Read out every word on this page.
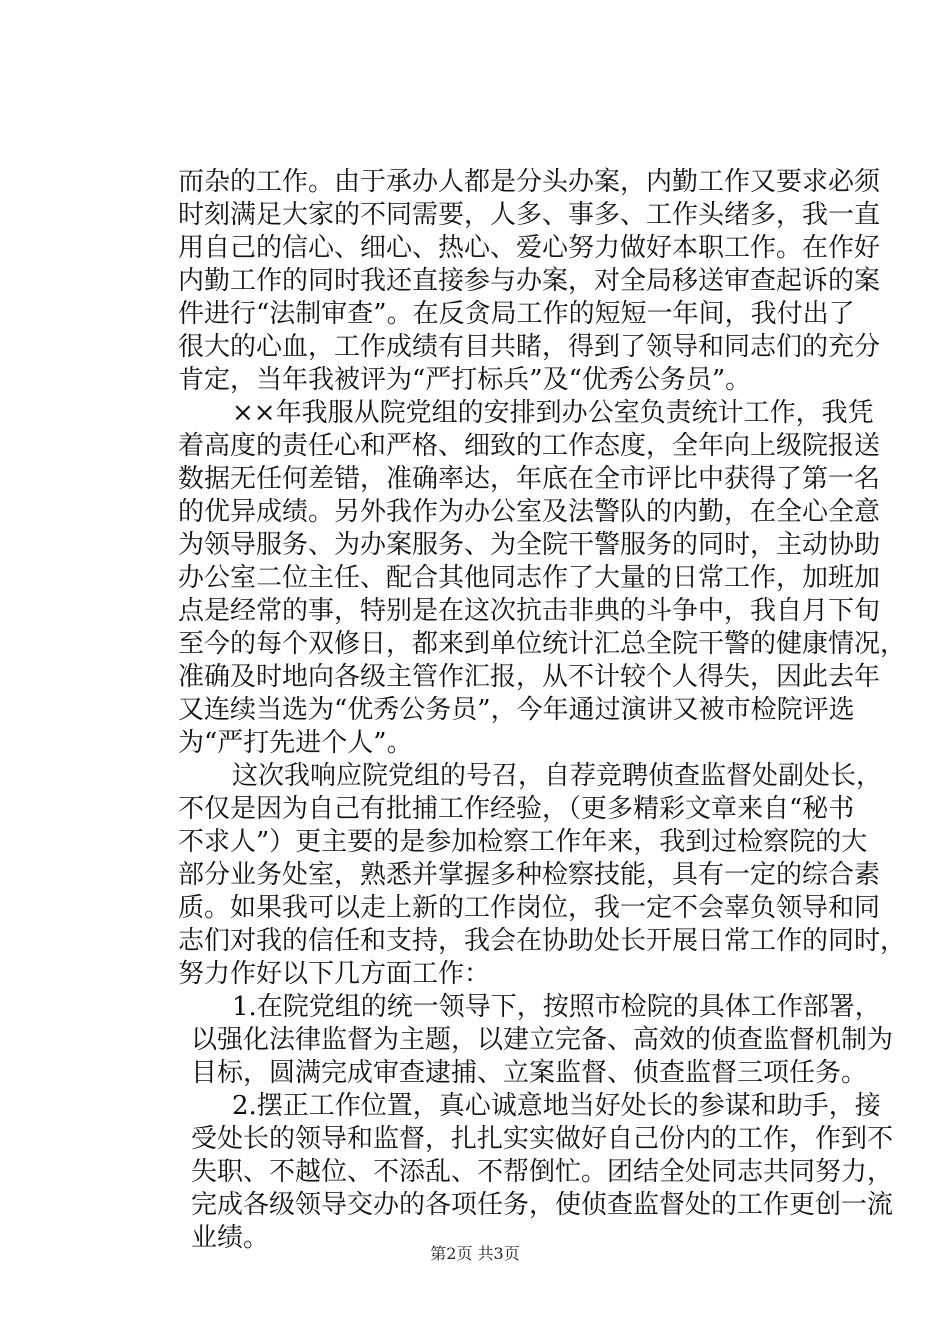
而杂的工作。由于承办人都是分头办案，内勤工作又要求必须
时刻满足大家的不同需要，人多、事多、工作头绪多，我一直
用自己的信心、细心、热心、爱心努力做好本职工作。在作好
内勤工作的同时我还直接参与办案，对全局移送审查起诉的案
件进行“法制审查”。在反贪局工作的短短一年间，我付出了
很大的心血，工作成绩有目共睹，得到了领导和同志们的充分
肯定，当年我被评为“严打标兵”及“优秀公务员”。
××年我服从院党组的安排到办公室负责统计工作，我凭
着高度的责任心和严格、细致的工作态度，全年向上级院报送
数据无任何差错，准确率达，年底在全市评比中获得了第一名
的优异成绩。另外我作为办公室及法警队的内勤，在全心全意
为领导服务、为办案服务、为全院干警服务的同时，主动协助
办公室二位主任、配合其他同志作了大量的日常工作，加班加
点是经常的事，特别是在这次抗击非典的斗争中，我自月下旬
至今的每个双修日，都来到单位统计汇总全院干警的健康情况，
准确及时地向各级主管作汇报，从不计较个人得失，因此去年
又连续当选为“优秀公务员”，今年通过演讲又被市检院评选
为“严打先进个人”。
这次我响应院党组的号召，自荐竞聘侦查监督处副处长，
不仅是因为自己有批捕工作经验，（更多精彩文章来自“秘书
不求人”）更主要的是参加检察工作年来，我到过检察院的大
部分业务处室，熟悉并掌握多种检察技能，具有一定的综合素
质。如果我可以走上新的工作岗位，我一定不会辜负领导和同
志们对我的信任和支持，我会在协助处长开展日常工作的同时，
努力作好以下几方面工作：
1.在院党组的统一领导下，按照市检院的具体工作部署，
以强化法律监督为主题，以建立完备、高效的侦查监督机制为
目标，圆满完成审查逮捕、立案监督、侦查监督三项任务。
2.摆正工作位置，真心诚意地当好处长的参谋和助手，接
受处长的领导和监督，扎扎实实做好自己份内的工作，作到不
失职、不越位、不添乱、不帮倒忙。团结全处同志共同努力，
完成各级领导交办的各项任务，使侦查监督处的工作更创一流
业绩。
第2页 共3页
